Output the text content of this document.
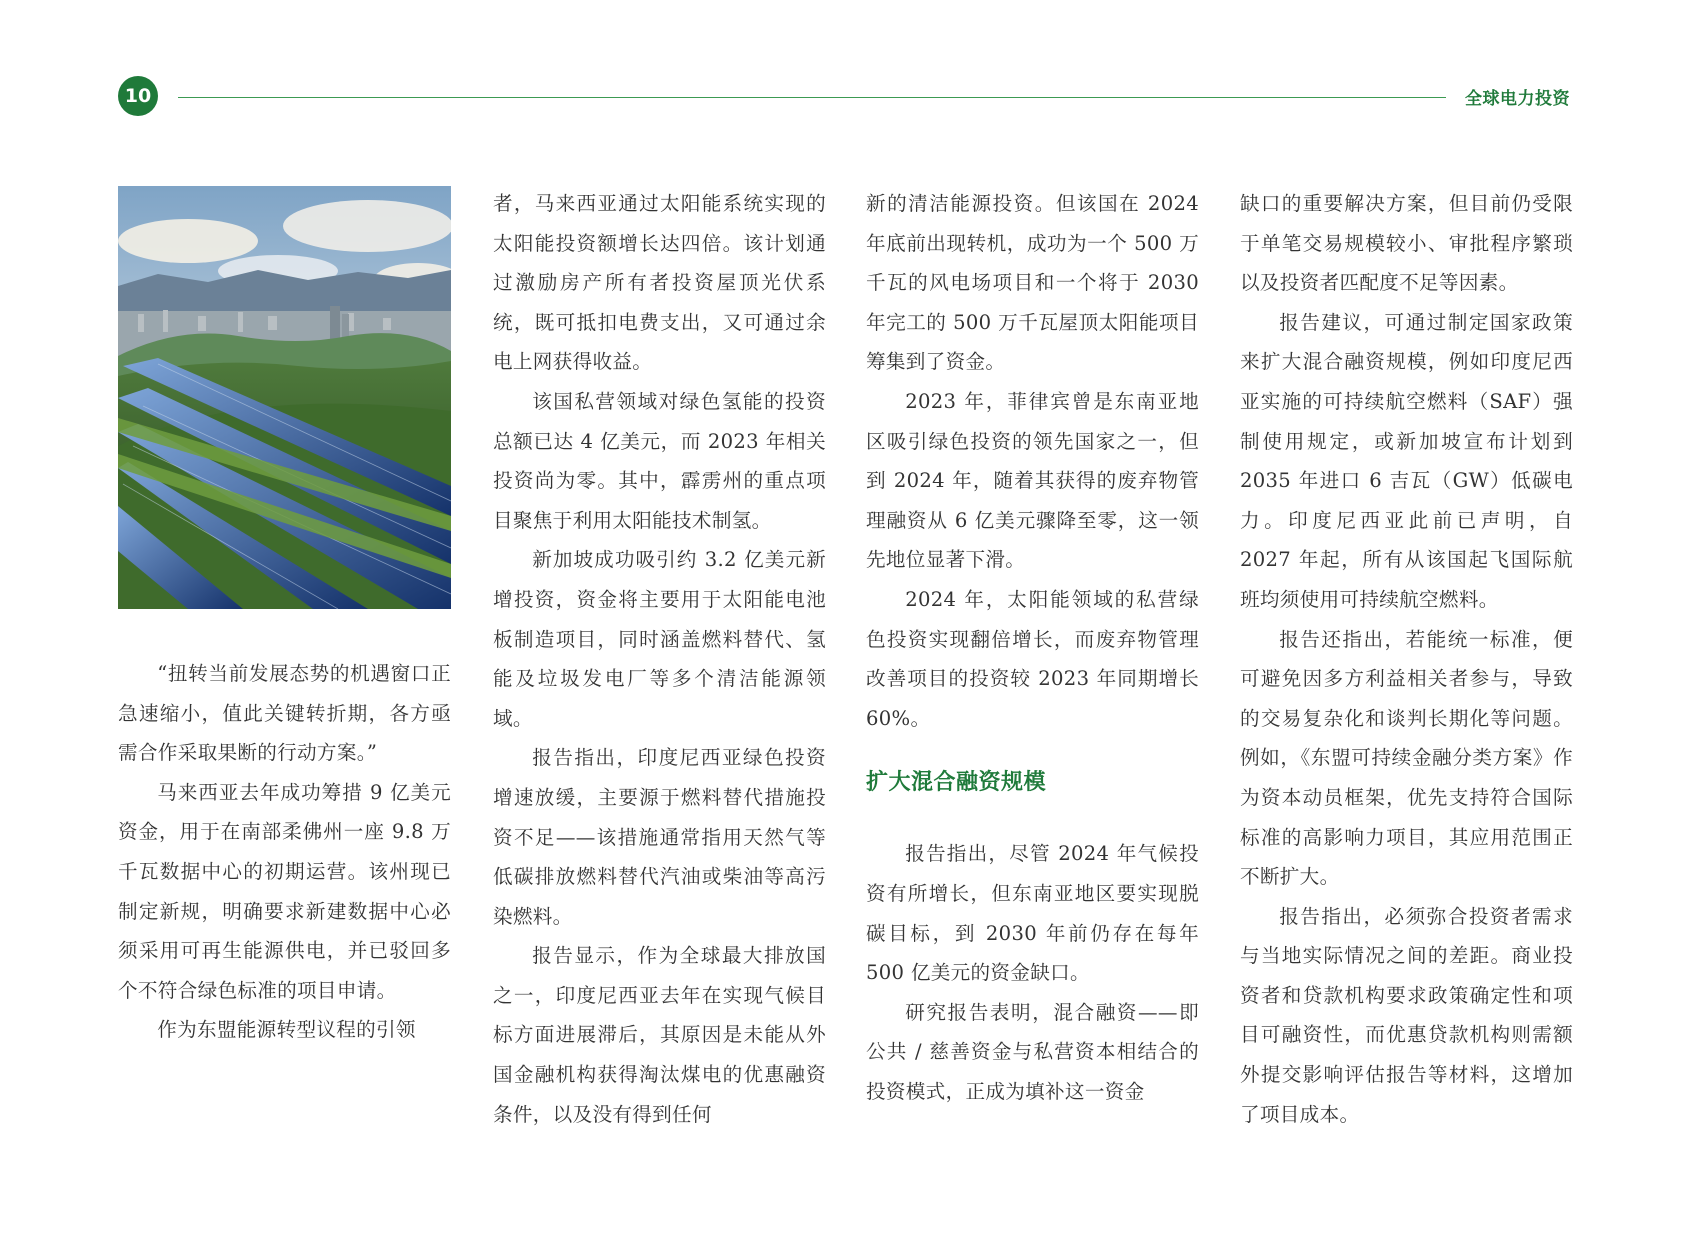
10	全球电力投资

“扭转当前发展态势的机遇窗口正急速缩小，值此关键转折期，各方亟需合作采取果断的行动方案。”

马来西亚去年成功筹措 9 亿美元资金，用于在南部柔佛州一座 9.8 万千瓦数据中心的初期运营。该州现已制定新规，明确要求新建数据中心必须采用可再生能源供电，并已驳回多个不符合绿色标准的项目申请。

作为东盟能源转型议程的引领

者，马来西亚通过太阳能系统实现的太阳能投资额增长达四倍。该计划通过激励房产所有者投资屋顶光伏系统，既可抵扣电费支出，又可通过余电上网获得收益。

该国私营领域对绿色氢能的投资总额已达 4 亿美元，而 2023 年相关投资尚为零。其中，霹雳州的重点项目聚焦于利用太阳能技术制氢。

新加坡成功吸引约 3.2 亿美元新增投资，资金将主要用于太阳能电池板制造项目，同时涵盖燃料替代、氢能及垃圾发电厂等多个清洁能源领域。

报告指出，印度尼西亚绿色投资增速放缓，主要源于燃料替代措施投资不足——该措施通常指用天然气等低碳排放燃料替代汽油或柴油等高污染燃料。

报告显示，作为全球最大排放国之一，印度尼西亚去年在实现气候目标方面进展滞后，其原因是未能从外国金融机构获得淘汰煤电的优惠融资条件，以及没有得到任何

新的清洁能源投资。但该国在 2024 年底前出现转机，成功为一个 500 万千瓦的风电场项目和一个将于 2030 年完工的 500 万千瓦屋顶太阳能项目筹集到了资金。

2023 年，菲律宾曾是东南亚地区吸引绿色投资的领先国家之一，但到 2024 年，随着其获得的废弃物管理融资从 6 亿美元骤降至零，这一领先地位显著下滑。

2024 年，太阳能领域的私营绿色投资实现翻倍增长，而废弃物管理改善项目的投资较 2023 年同期增长 60%。

扩大混合融资规模

报告指出，尽管 2024 年气候投资有所增长，但东南亚地区要实现脱碳目标，到 2030 年前仍存在每年 500 亿美元的资金缺口。

研究报告表明，混合融资——即公共 / 慈善资金与私营资本相结合的投资模式，正成为填补这一资金

缺口的重要解决方案，但目前仍受限于单笔交易规模较小、审批程序繁琐以及投资者匹配度不足等因素。

报告建议，可通过制定国家政策来扩大混合融资规模，例如印度尼西亚实施的可持续航空燃料（SAF）强制使用规定，或新加坡宣布计划到 2035 年进口 6 吉瓦（GW）低碳电力。印度尼西亚此前已声明，自 2027 年起，所有从该国起飞国际航班均须使用可持续航空燃料。

报告还指出，若能统一标准，便可避免因多方利益相关者参与，导致的交易复杂化和谈判长期化等问题。例如，《东盟可持续金融分类方案》作为资本动员框架，优先支持符合国际标准的高影响力项目，其应用范围正不断扩大。

报告指出，必须弥合投资者需求与当地实际情况之间的差距。商业投资者和贷款机构要求政策确定性和项目可融资性，而优惠贷款机构则需额外提交影响评估报告等材料，这增加了项目成本。
